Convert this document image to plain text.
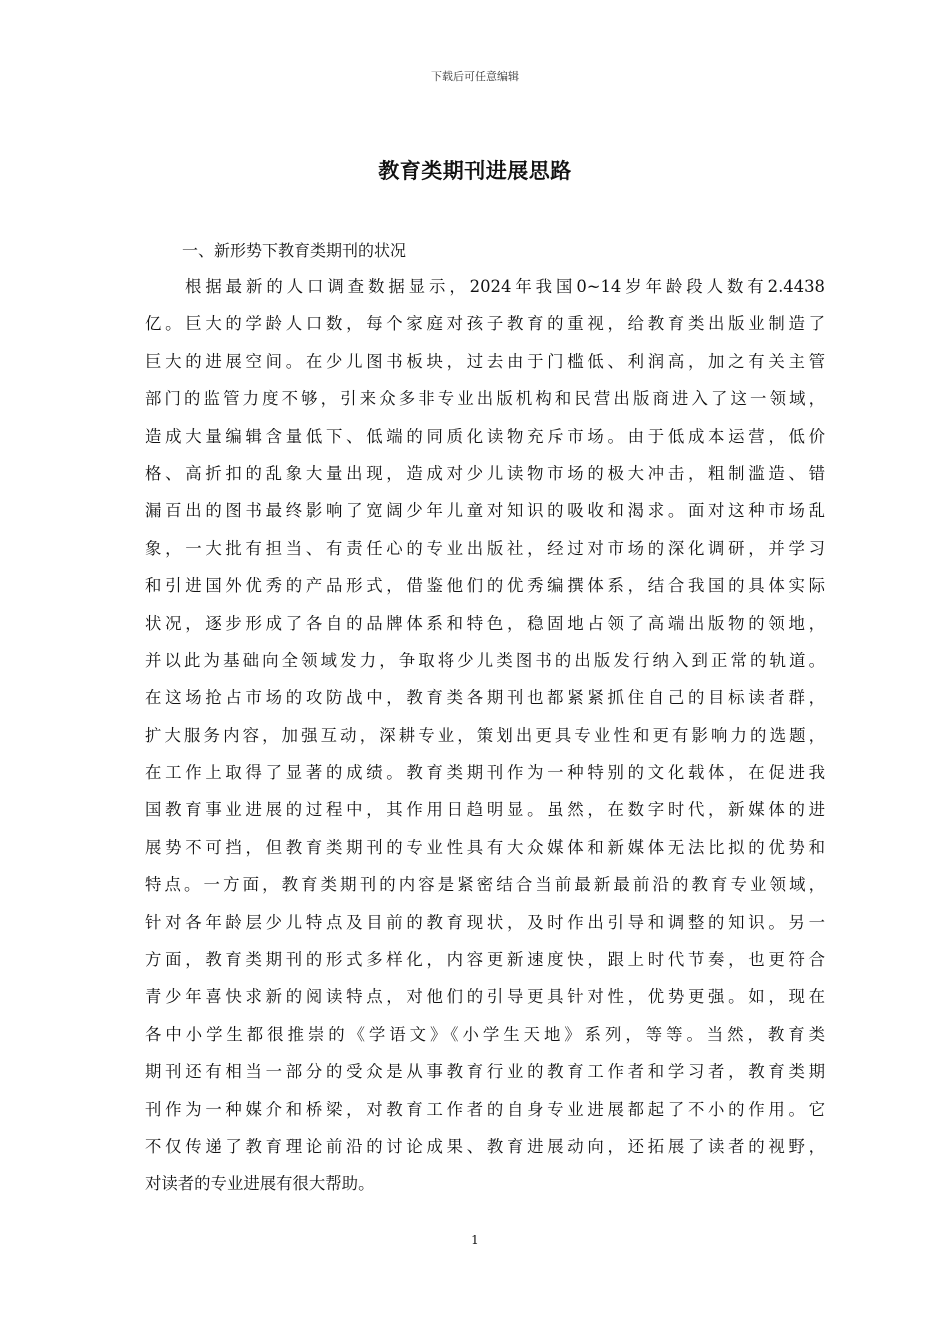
下载后可任意编辑
教育类期刊进展思路
一、新形势下教育类期刊的状况
根据最新的人口调查数据显示，2024年我国0~14岁年龄段人数有2.4438
亿。巨大的学龄人口数，每个家庭对孩子教育的重视，给教育类出版业制造了
巨大的进展空间。在少儿图书板块，过去由于门槛低、利润高，加之有关主管
部门的监管力度不够，引来众多非专业出版机构和民营出版商进入了这一领域，
造成大量编辑含量低下、低端的同质化读物充斥市场。由于低成本运营，低价
格、高折扣的乱象大量出现，造成对少儿读物市场的极大冲击，粗制滥造、错
漏百出的图书最终影响了宽阔少年儿童对知识的吸收和渴求。面对这种市场乱
象，一大批有担当、有责任心的专业出版社，经过对市场的深化调研，并学习
和引进国外优秀的产品形式，借鉴他们的优秀编撰体系，结合我国的具体实际
状况，逐步形成了各自的品牌体系和特色，稳固地占领了高端出版物的领地，
并以此为基础向全领域发力，争取将少儿类图书的出版发行纳入到正常的轨道。
在这场抢占市场的攻防战中，教育类各期刊也都紧紧抓住自己的目标读者群，
扩大服务内容，加强互动，深耕专业，策划出更具专业性和更有影响力的选题，
在工作上取得了显著的成绩。教育类期刊作为一种特别的文化载体，在促进我
国教育事业进展的过程中，其作用日趋明显。虽然，在数字时代，新媒体的进
展势不可挡，但教育类期刊的专业性具有大众媒体和新媒体无法比拟的优势和
特点。一方面，教育类期刊的内容是紧密结合当前最新最前沿的教育专业领域，
针对各年龄层少儿特点及目前的教育现状，及时作出引导和调整的知识。另一
方面，教育类期刊的形式多样化，内容更新速度快，跟上时代节奏，也更符合
青少年喜快求新的阅读特点，对他们的引导更具针对性，优势更强。如，现在
各中小学生都很推崇的《学语文》《小学生天地》系列，等等。当然，教育类
期刊还有相当一部分的受众是从事教育行业的教育工作者和学习者，教育类期
刊作为一种媒介和桥梁，对教育工作者的自身专业进展都起了不小的作用。它
不仅传递了教育理论前沿的讨论成果、教育进展动向，还拓展了读者的视野，
对读者的专业进展有很大帮助。
1
